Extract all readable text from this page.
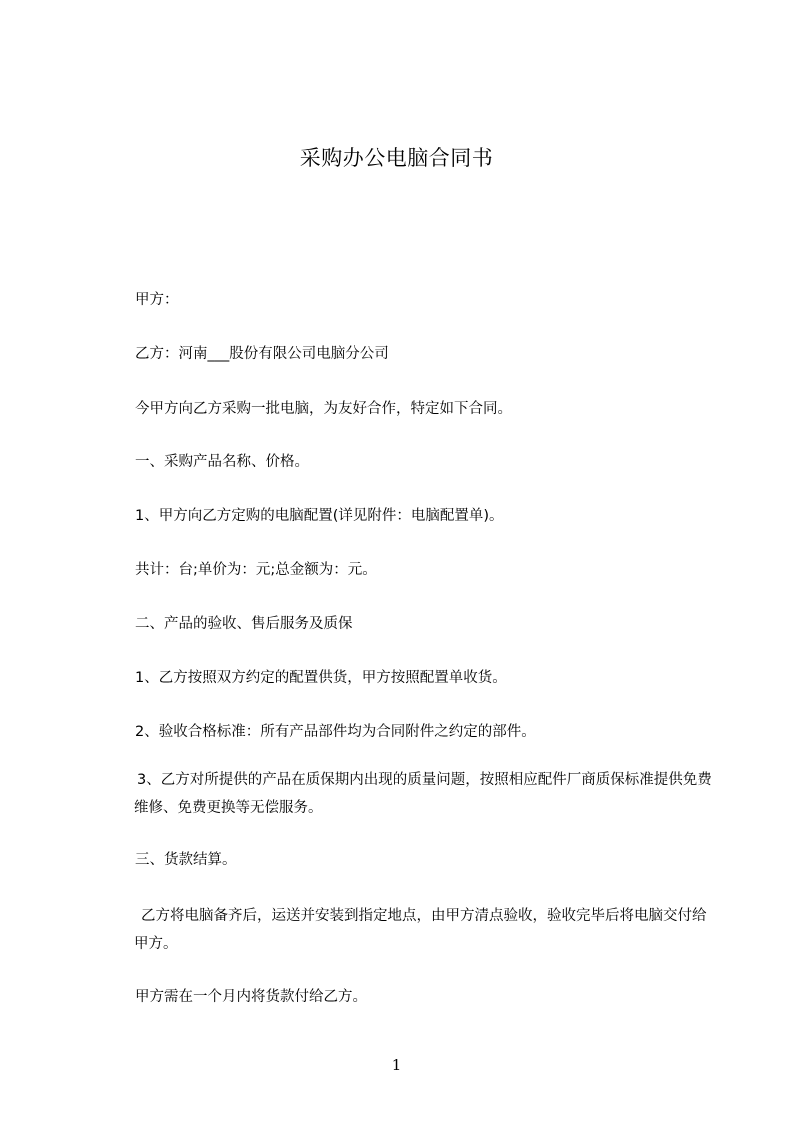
采购办公电脑合同书
甲方：
乙方：河南___股份有限公司电脑分公司
今甲方向乙方采购一批电脑，为友好合作，特定如下合同。
一、采购产品名称、价格。
1、甲方向乙方定购的电脑配置(详见附件：电脑配置单)。
共计：台;单价为：元;总金额为：元。
二、产品的验收、售后服务及质保
1、乙方按照双方约定的配置供货，甲方按照配置单收货。
2、验收合格标准：所有产品部件均为合同附件之约定的部件。
3、乙方对所提供的产品在质保期内出现的质量问题，按照相应配件厂商质保标准提供免费维修、免费更换等无偿服务。
三、货款结算。
乙方将电脑备齐后，运送并安装到指定地点，由甲方清点验收，验收完毕后将电脑交付给甲方。
甲方需在一个月内将货款付给乙方。
1
